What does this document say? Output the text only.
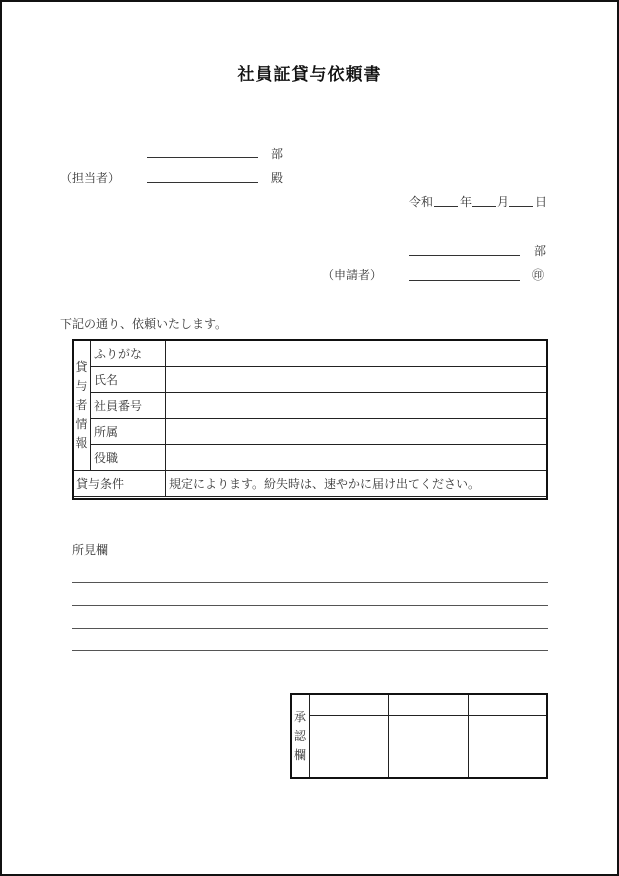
社員証貸与依頼書
部
（担当者）	殿
令和 年 月 日
部
（申請者）	㊞
下記の通り、依頼いたします。
貸
与
者
情
報	ふりがな	
	氏名	
	社員番号	
	所属	
	役職	
貸与条件		規定によります。紛失時は、速やかに届け出てください。
所見欄
承
認
欄			
